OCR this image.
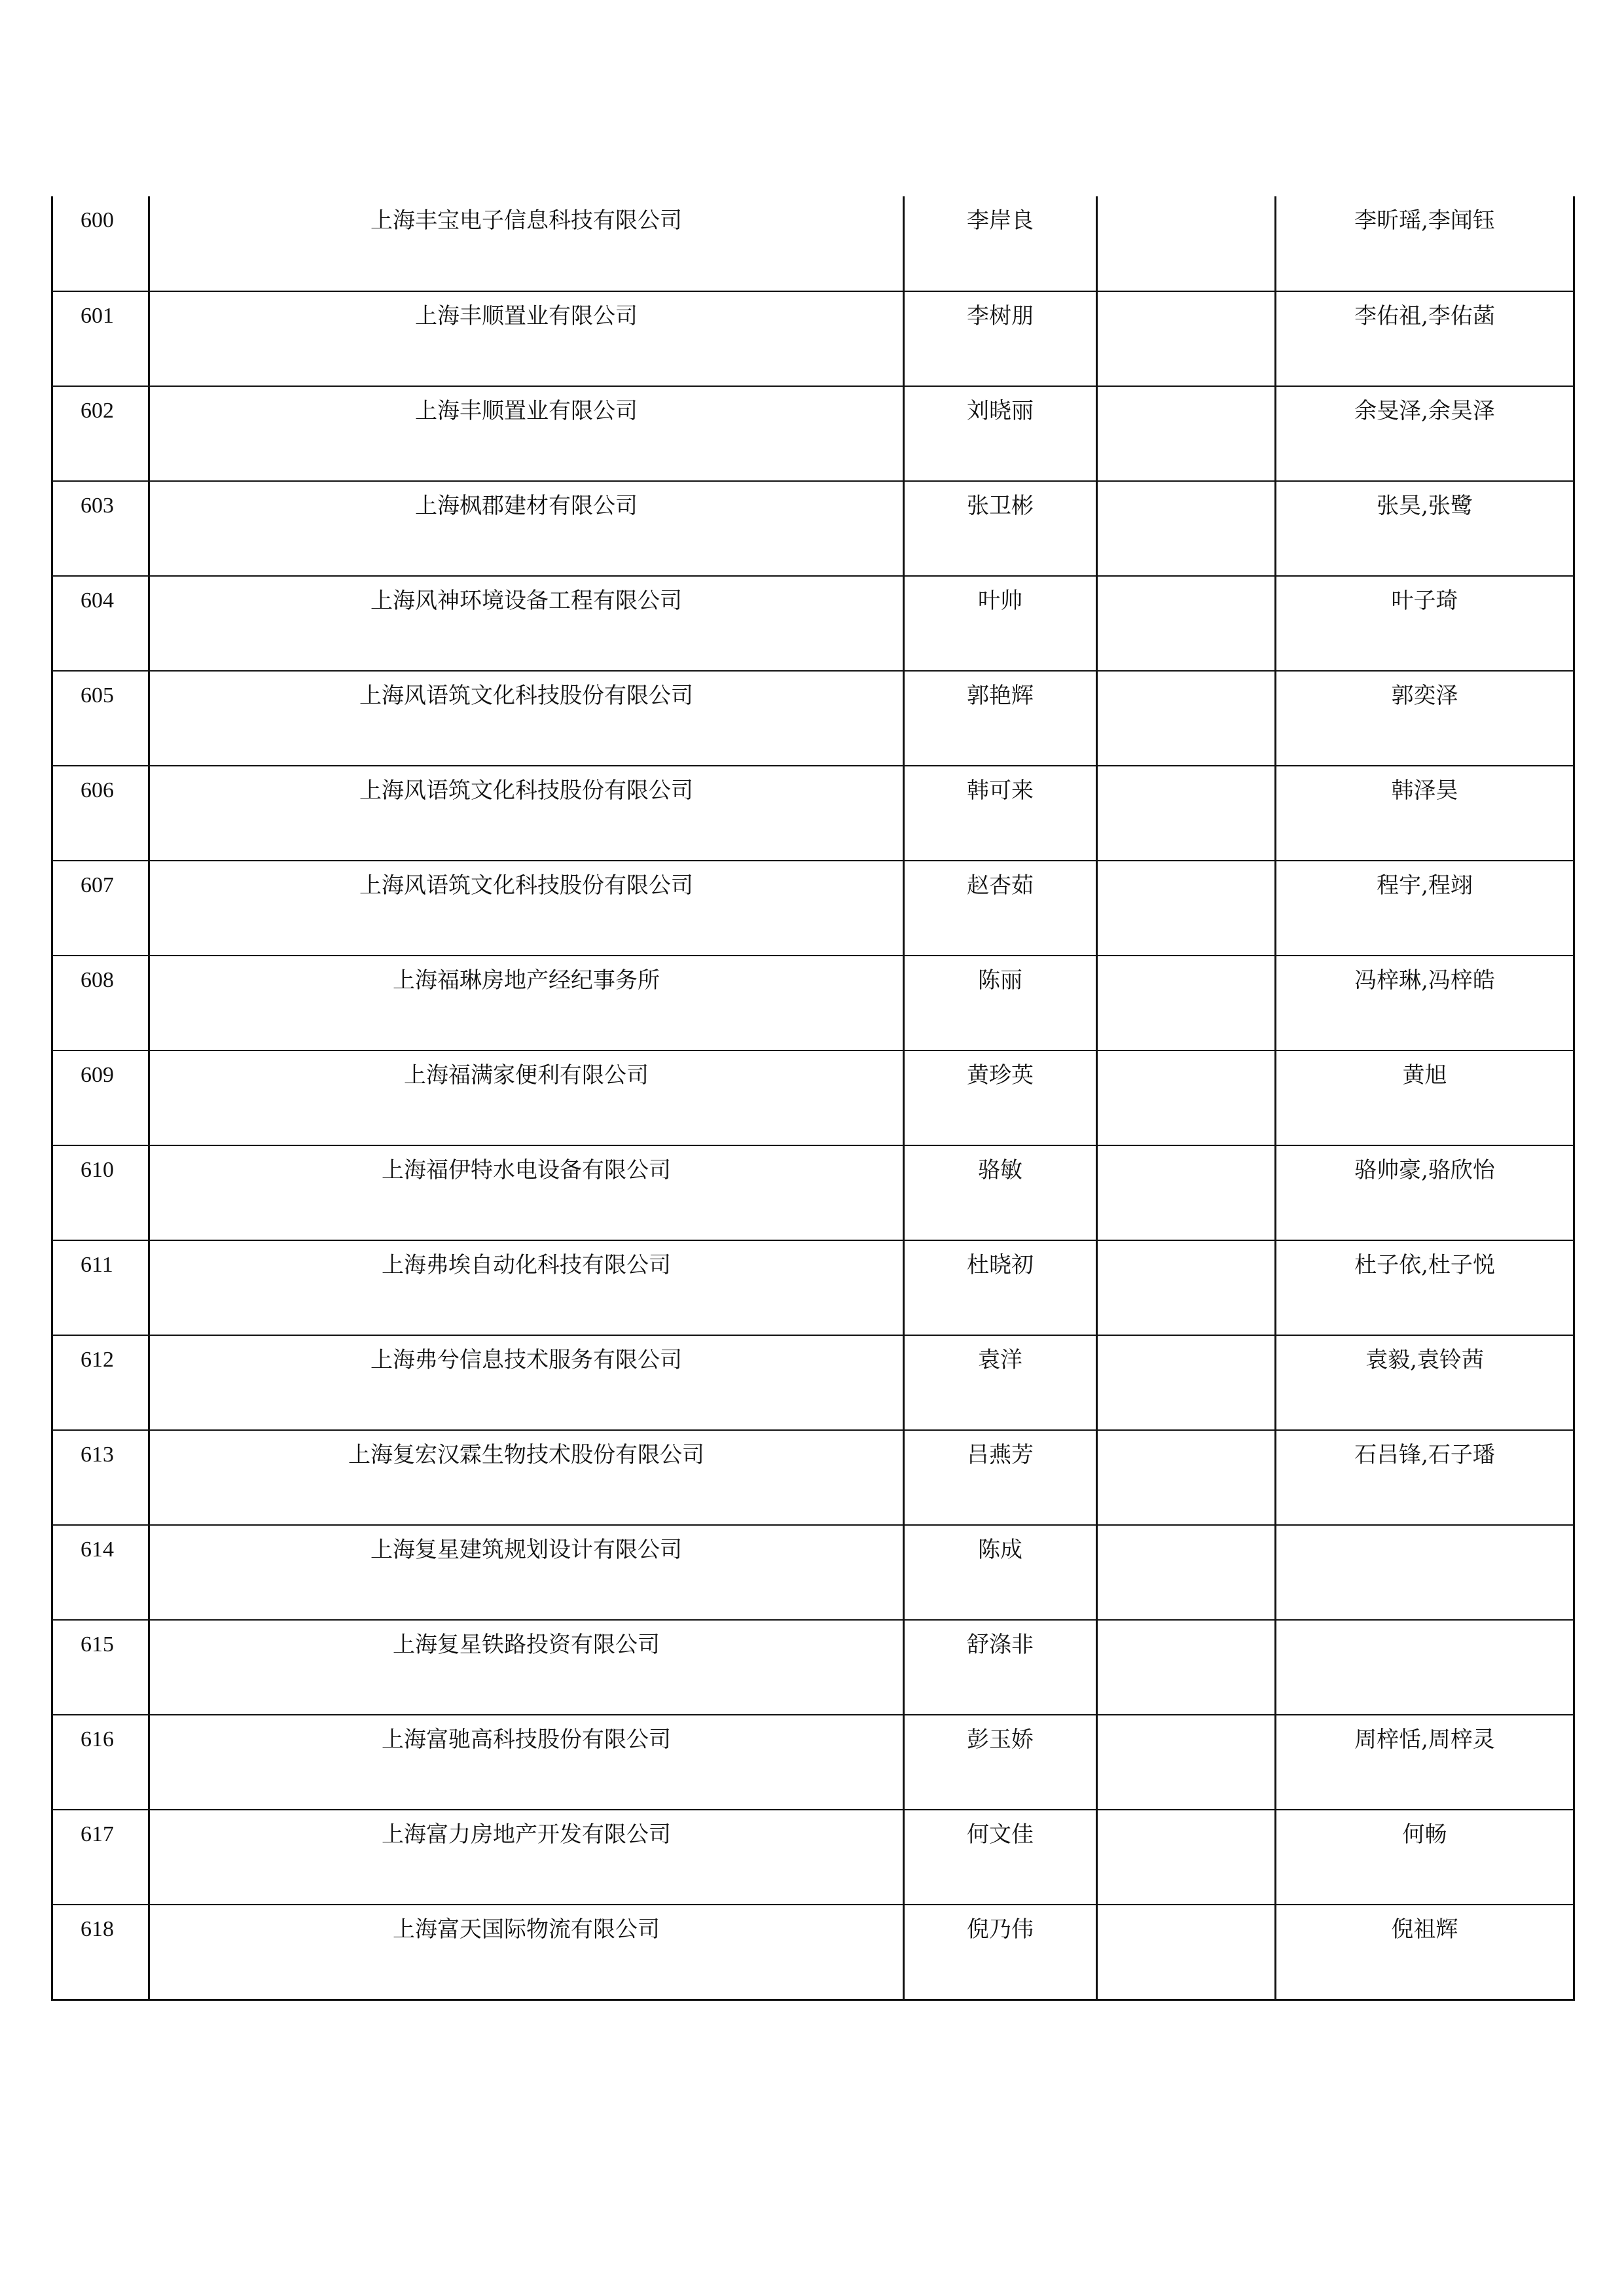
600	上海丰宝电子信息科技有限公司	李岸良		李昕瑶,李闻钰
601	上海丰顺置业有限公司	李树朋		李佑祖,李佑菡
602	上海丰顺置业有限公司	刘晓丽		余旻泽,余昊泽
603	上海枫郡建材有限公司	张卫彬		张昊,张鹭
604	上海风神环境设备工程有限公司	叶帅		叶子琦
605	上海风语筑文化科技股份有限公司	郭艳辉		郭奕泽
606	上海风语筑文化科技股份有限公司	韩可来		韩泽昊
607	上海风语筑文化科技股份有限公司	赵杏茹		程宇,程翊
608	上海福琳房地产经纪事务所	陈丽		冯梓琳,冯梓皓
609	上海福满家便利有限公司	黄珍英		黄旭
610	上海福伊特水电设备有限公司	骆敏		骆帅豪,骆欣怡
611	上海弗埃自动化科技有限公司	杜晓初		杜子依,杜子悦
612	上海弗兮信息技术服务有限公司	袁洋		袁毅,袁铃茜
613	上海复宏汉霖生物技术股份有限公司	吕燕芳		石吕锋,石子璠
614	上海复星建筑规划设计有限公司	陈成		
615	上海复星铁路投资有限公司	舒涤非		
616	上海富驰高科技股份有限公司	彭玉娇		周梓恬,周梓灵
617	上海富力房地产开发有限公司	何文佳		何畅
618	上海富天国际物流有限公司	倪乃伟		倪祖辉
